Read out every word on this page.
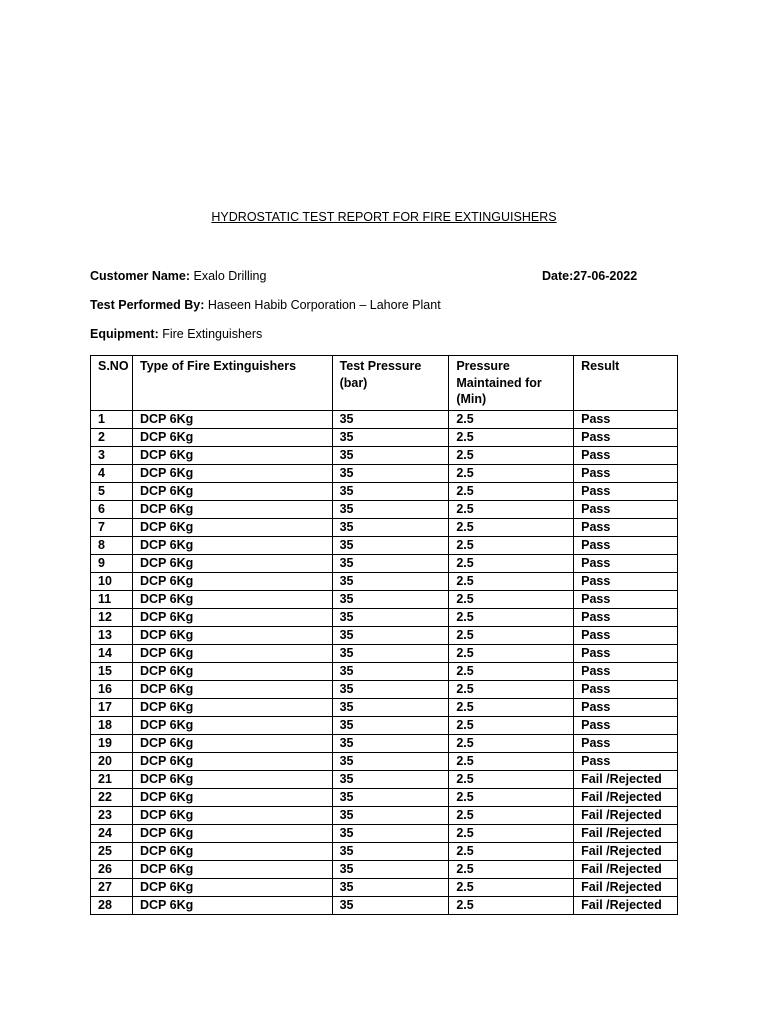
HYDROSTATIC TEST REPORT FOR FIRE EXTINGUISHERS
Customer Name: Exalo Drilling	Date:27-06-2022
Test Performed By: Haseen Habib Corporation – Lahore Plant
Equipment: Fire Extinguishers
S.NO	Type of Fire Extinguishers	Test Pressure (bar)	Pressure Maintained for (Min)	Result
1	DCP 6Kg	35	2.5	Pass
2	DCP 6Kg	35	2.5	Pass
3	DCP 6Kg	35	2.5	Pass
4	DCP 6Kg	35	2.5	Pass
5	DCP 6Kg	35	2.5	Pass
6	DCP 6Kg	35	2.5	Pass
7	DCP 6Kg	35	2.5	Pass
8	DCP 6Kg	35	2.5	Pass
9	DCP 6Kg	35	2.5	Pass
10	DCP 6Kg	35	2.5	Pass
11	DCP 6Kg	35	2.5	Pass
12	DCP 6Kg	35	2.5	Pass
13	DCP 6Kg	35	2.5	Pass
14	DCP 6Kg	35	2.5	Pass
15	DCP 6Kg	35	2.5	Pass
16	DCP 6Kg	35	2.5	Pass
17	DCP 6Kg	35	2.5	Pass
18	DCP 6Kg	35	2.5	Pass
19	DCP 6Kg	35	2.5	Pass
20	DCP 6Kg	35	2.5	Pass
21	DCP 6Kg	35	2.5	Fail /Rejected
22	DCP 6Kg	35	2.5	Fail /Rejected
23	DCP 6Kg	35	2.5	Fail /Rejected
24	DCP 6Kg	35	2.5	Fail /Rejected
25	DCP 6Kg	35	2.5	Fail /Rejected
26	DCP 6Kg	35	2.5	Fail /Rejected
27	DCP 6Kg	35	2.5	Fail /Rejected
28	DCP 6Kg	35	2.5	Fail /Rejected
